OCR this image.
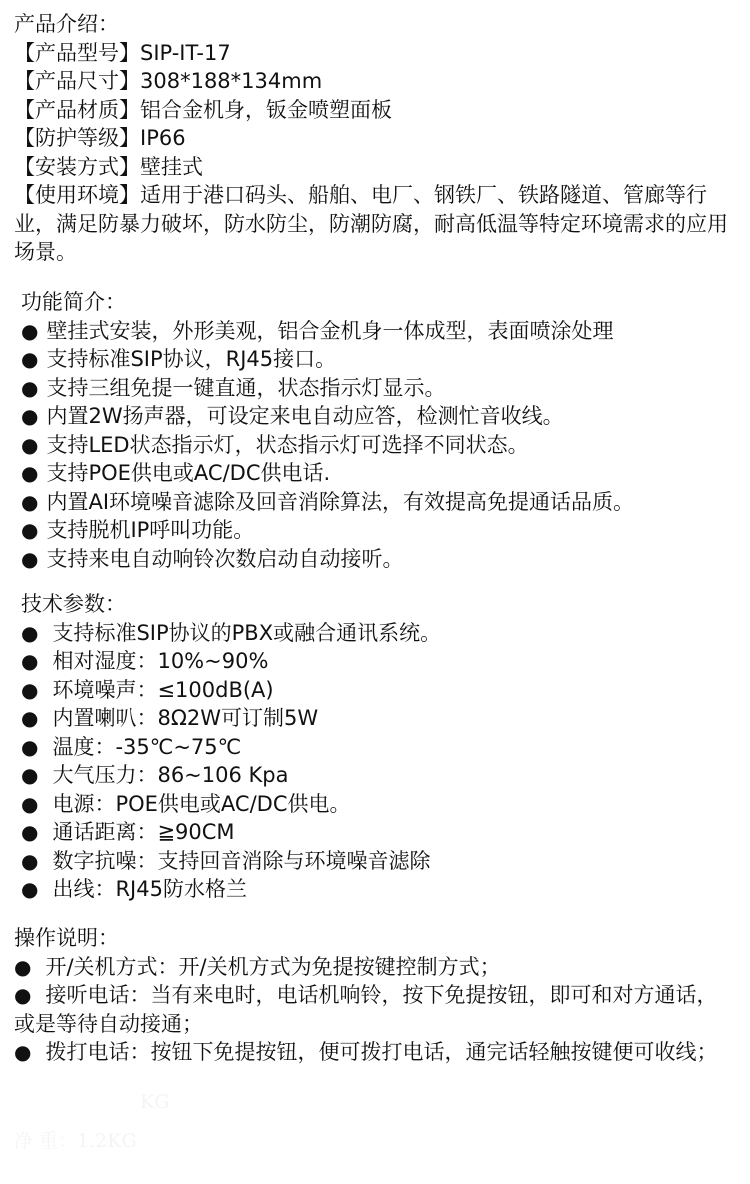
产品介绍：
【产品型号】SIP-IT-17
【产品尺寸】308*188*134mm
【产品材质】铝合金机身，钣金喷塑面板
【防护等级】IP66
【安装方式】壁挂式
【使用环境】适用于港口码头、船舶、电厂、钢铁厂、铁路隧道、管廊等行业，满足防暴力破坏，防水防尘，防潮防腐，耐高低温等特定环境需求的应用场景。
功能简介：
● 壁挂式安装，外形美观，铝合金机身一体成型，表面喷涂处理
● 支持标准SIP协议，RJ45接口。
● 支持三组免提一键直通，状态指示灯显示。
● 内置2W扬声器，可设定来电自动应答，检测忙音收线。
● 支持LED状态指示灯，状态指示灯可选择不同状态。
● 支持POE供电或AC/DC供电话.
● 内置AI环境噪音滤除及回音消除算法，有效提高免提通话品质。
● 支持脱机IP呼叫功能。
● 支持来电自动响铃次数启动自动接听。
技术参数：
● 支持标准SIP协议的PBX或融合通讯系统。
● 相对湿度：10%~90%
● 环境噪声：≤100dB(A)
● 内置喇叭：8Ω2W可订制5W
● 温度：-35℃~75℃
● 大气压力：86~106 Kpa
● 电源：POE供电或AC/DC供电。
● 通话距离：≧90CM
● 数字抗噪：支持回音消除与环境噪音滤除
● 出线：RJ45防水格兰
操作说明：
● 开/关机方式：开/关机方式为免提按键控制方式；
● 接听电话：当有来电时，电话机响铃，按下免提按钮，即可和对方通话，或是等待自动接通；
● 拨打电话：按钮下免提按钮，便可拨打电话，通完话轻触按键便可收线；
KG
净 重：1.2KG
